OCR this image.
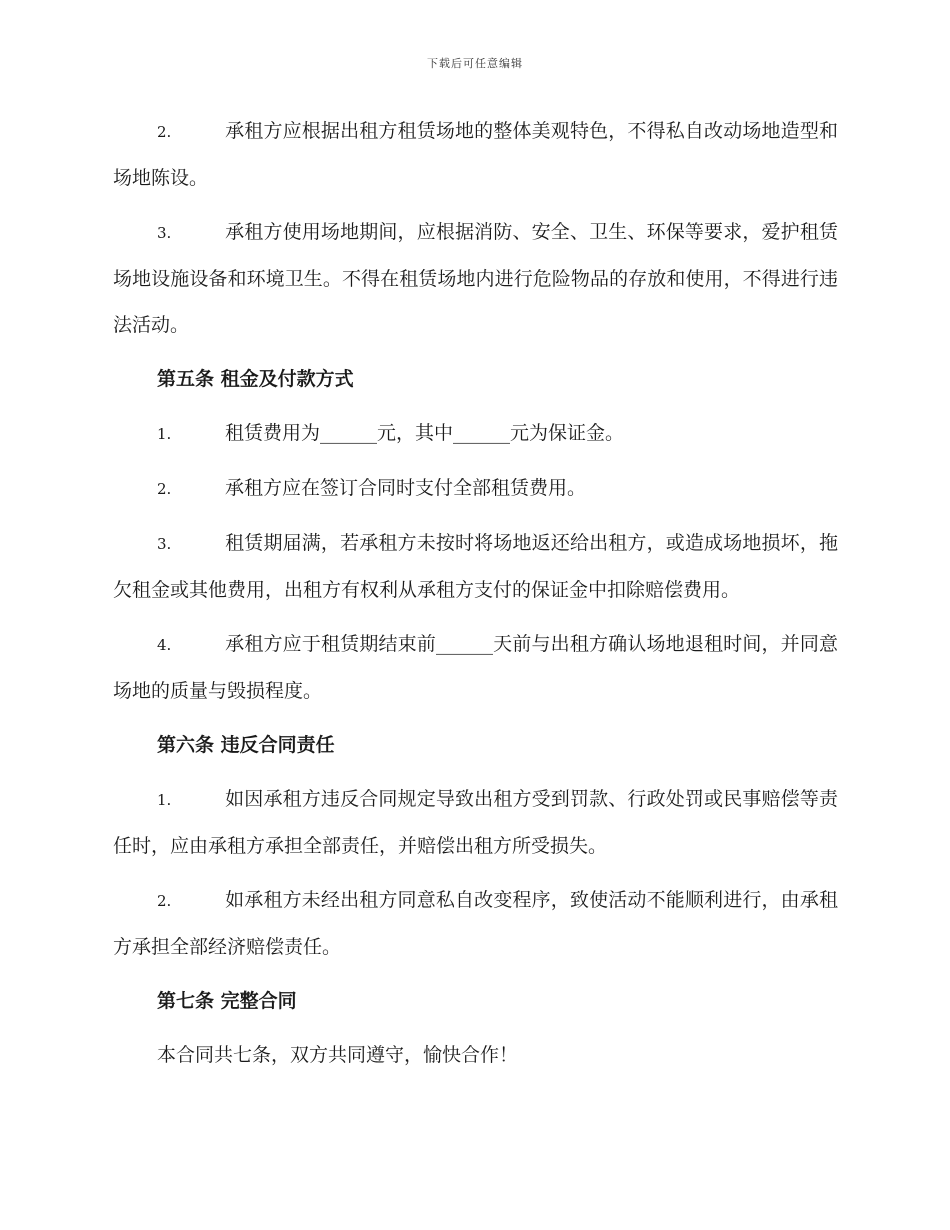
下载后可任意编辑

2.	承租方应根据出租方租赁场地的整体美观特色，不得私自改动场地造型和场地陈设。

3.	承租方使用场地期间，应根据消防、安全、卫生、环保等要求，爱护租赁场地设施设备和环境卫生。不得在租赁场地内进行危险物品的存放和使用，不得进行违法活动。

第五条 租金及付款方式

1.	租赁费用为______元，其中______元为保证金。

2.	承租方应在签订合同时支付全部租赁费用。

3.	租赁期届满，若承租方未按时将场地返还给出租方，或造成场地损坏，拖欠租金或其他费用，出租方有权利从承租方支付的保证金中扣除赔偿费用。

4.	承租方应于租赁期结束前______天前与出租方确认场地退租时间，并同意场地的质量与毁损程度。

第六条 违反合同责任

1.	如因承租方违反合同规定导致出租方受到罚款、行政处罚或民事赔偿等责任时，应由承租方承担全部责任，并赔偿出租方所受损失。

2.	如承租方未经出租方同意私自改变程序，致使活动不能顺利进行，由承租方承担全部经济赔偿责任。

第七条 完整合同

本合同共七条，双方共同遵守，愉快合作！
